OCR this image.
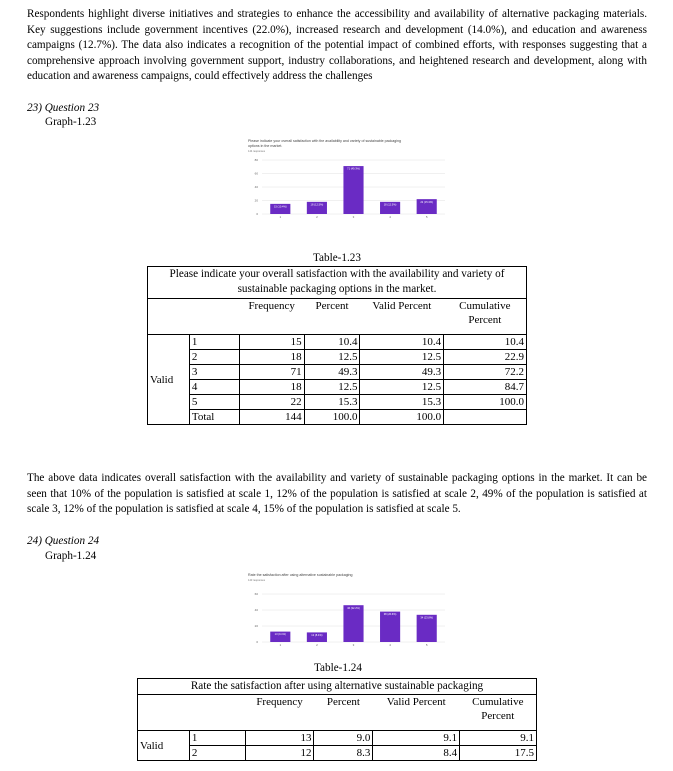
Respondents highlight diverse initiatives and strategies to enhance the accessibility and availability of alternative packaging materials. Key suggestions include government incentives (22.0%), increased research and development (14.0%), and education and awareness campaigns (12.7%). The data also indicates a recognition of the potential impact of combined efforts, with responses suggesting that a comprehensive approach involving government support, industry collaborations, and heightened research and development, along with education and awareness campaigns, could effectively address the challenges

23) Question 23
Graph-1.23
Please indicate your overall satisfaction with the availability and variety of sustainable packaging
options in the market.
144 responses
0
20
40
60
80
15 (10.4%)
1
18 (12.5%)
2
71 (49.3%)
3
18 (12.5%)
4
22 (15.3%)
5
Table-1.23
Please indicate your overall satisfaction with the availability and variety of
sustainable packaging options in the market.
		Frequency	Percent	Valid Percent	Cumulative
Percent
Valid	1	15	10.4	10.4	10.4
	2	18	12.5	12.5	22.9
	3	71	49.3	49.3	72.2
	4	18	12.5	12.5	84.7
	5	22	15.3	15.3	100.0
	Total	144	100.0	100.0	

The above data indicates overall satisfaction with the availability and variety of sustainable packaging options in the market. It can be seen that 10% of the population is satisfied at scale 1, 12% of the population is satisfied at scale 2, 49% of the population is satisfied at scale 3, 12% of the population is satisfied at scale 4, 15% of the population is satisfied at scale 5.

24) Question 24
Graph-1.24
Rate the satisfaction after using alternative sustainable packaging
143 responses
0
20
40
60
13 (9.1%)
1
12 (8.4%)
2
46 (32.2%)
3
38 (26.6%)
4
34 (23.8%)
5
Table-1.24
Rate the satisfaction after using alternative sustainable packaging
		Frequency	Percent	Valid Percent	Cumulative
Percent
Valid	1	13	9.0	9.1	9.1
	2	12	8.3	8.4	17.5
